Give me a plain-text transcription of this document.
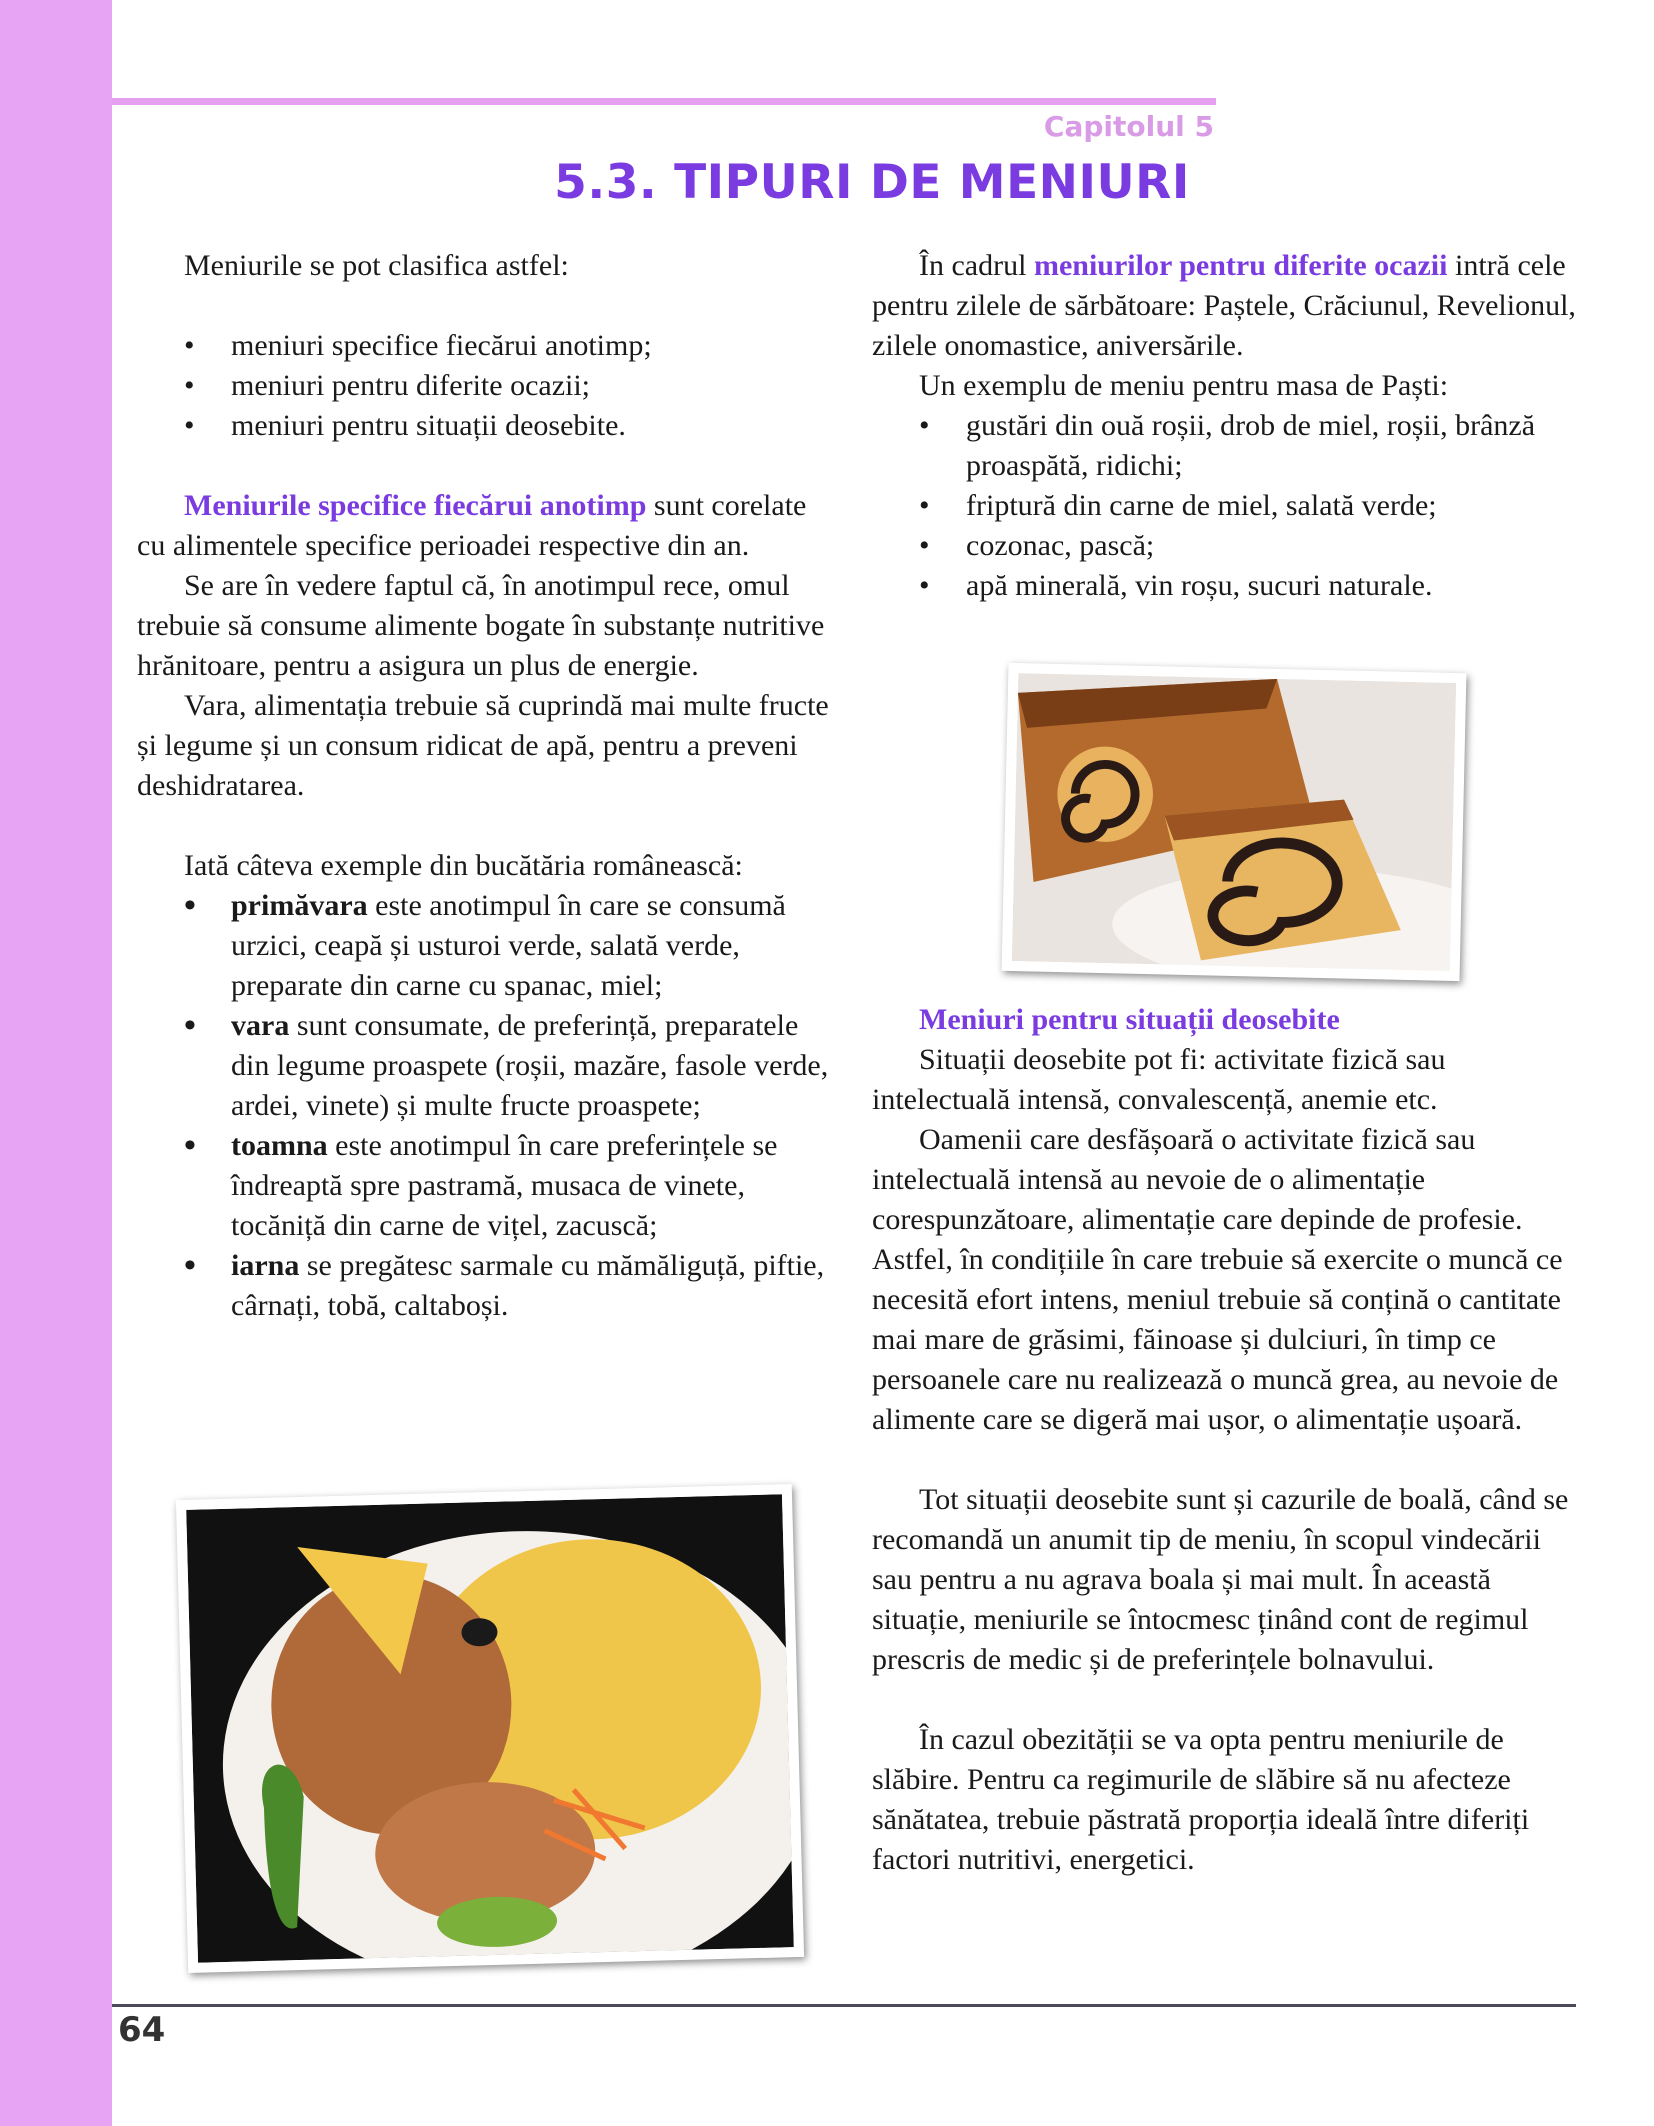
Capitolul 5
5.3. TIPURI DE MENIURI

Meniurile se pot clasifica astfel:

• meniuri specifice fiecărui anotimp;
• meniuri pentru diferite ocazii;
• meniuri pentru situații deosebite.

Meniurile specifice fiecărui anotimp sunt corelate cu alimentele specifice perioadei respective din an.

Se are în vedere faptul că, în anotimpul rece, omul trebuie să consume alimente bogate în substanțe nutritive hrănitoare, pentru a asigura un plus de energie.

Vara, alimentația trebuie să cuprindă mai multe fructe și legume și un consum ridicat de apă, pentru a preveni deshidratarea.

Iată câteva exemple din bucătăria românească:

• primăvara este anotimpul în care se consumă urzici, ceapă și usturoi verde, salată verde, preparate din carne cu spanac, miel;
• vara sunt consumate, de preferință, preparatele din legume proaspete (roșii, mazăre, fasole verde, ardei, vinete) și multe fructe proaspete;
• toamna este anotimpul în care preferințele se îndreaptă spre pastramă, musaca de vinete, tocăniță din carne de vițel, zacuscă;
• iarna se pregătesc sarmale cu mămăliguță, piftie, cârnați, tobă, caltaboși.

În cadrul meniurilor pentru diferite ocazii intră cele pentru zilele de sărbătoare: Paștele, Crăciunul, Revelionul, zilele onomastice, aniversările.

Un exemplu de meniu pentru masa de Paști:

• gustări din ouă roșii, drob de miel, roșii, brânză proaspătă, ridichi;
• friptură din carne de miel, salată verde;
• cozonac, pască;
• apă minerală, vin roșu, sucuri naturale.

Meniuri pentru situații deosebite

Situații deosebite pot fi: activitate fizică sau intelectuală intensă, convalescență, anemie etc.

Oamenii care desfășoară o activitate fizică sau intelectuală intensă au nevoie de o alimentație corespunzătoare, alimentație care depinde de profesie. Astfel, în condițiile în care trebuie să exercite o muncă ce necesită efort intens, meniul trebuie să conțină o cantitate mai mare de grăsimi, făinoase și dulciuri, în timp ce persoanele care nu realizează o muncă grea, au nevoie de alimente care se digeră mai ușor, o alimentație ușoară.

Tot situații deosebite sunt și cazurile de boală, când se recomandă un anumit tip de meniu, în scopul vindecării sau pentru a nu agrava boala și mai mult. În această situație, meniurile se întocmesc ținând cont de regimul prescris de medic și de preferințele bolnavului.

În cazul obezității se va opta pentru meniurile de slăbire. Pentru ca regimurile de slăbire să nu afecteze sănătatea, trebuie păstrată proporția ideală între diferiți factori nutritivi, energetici.

64
